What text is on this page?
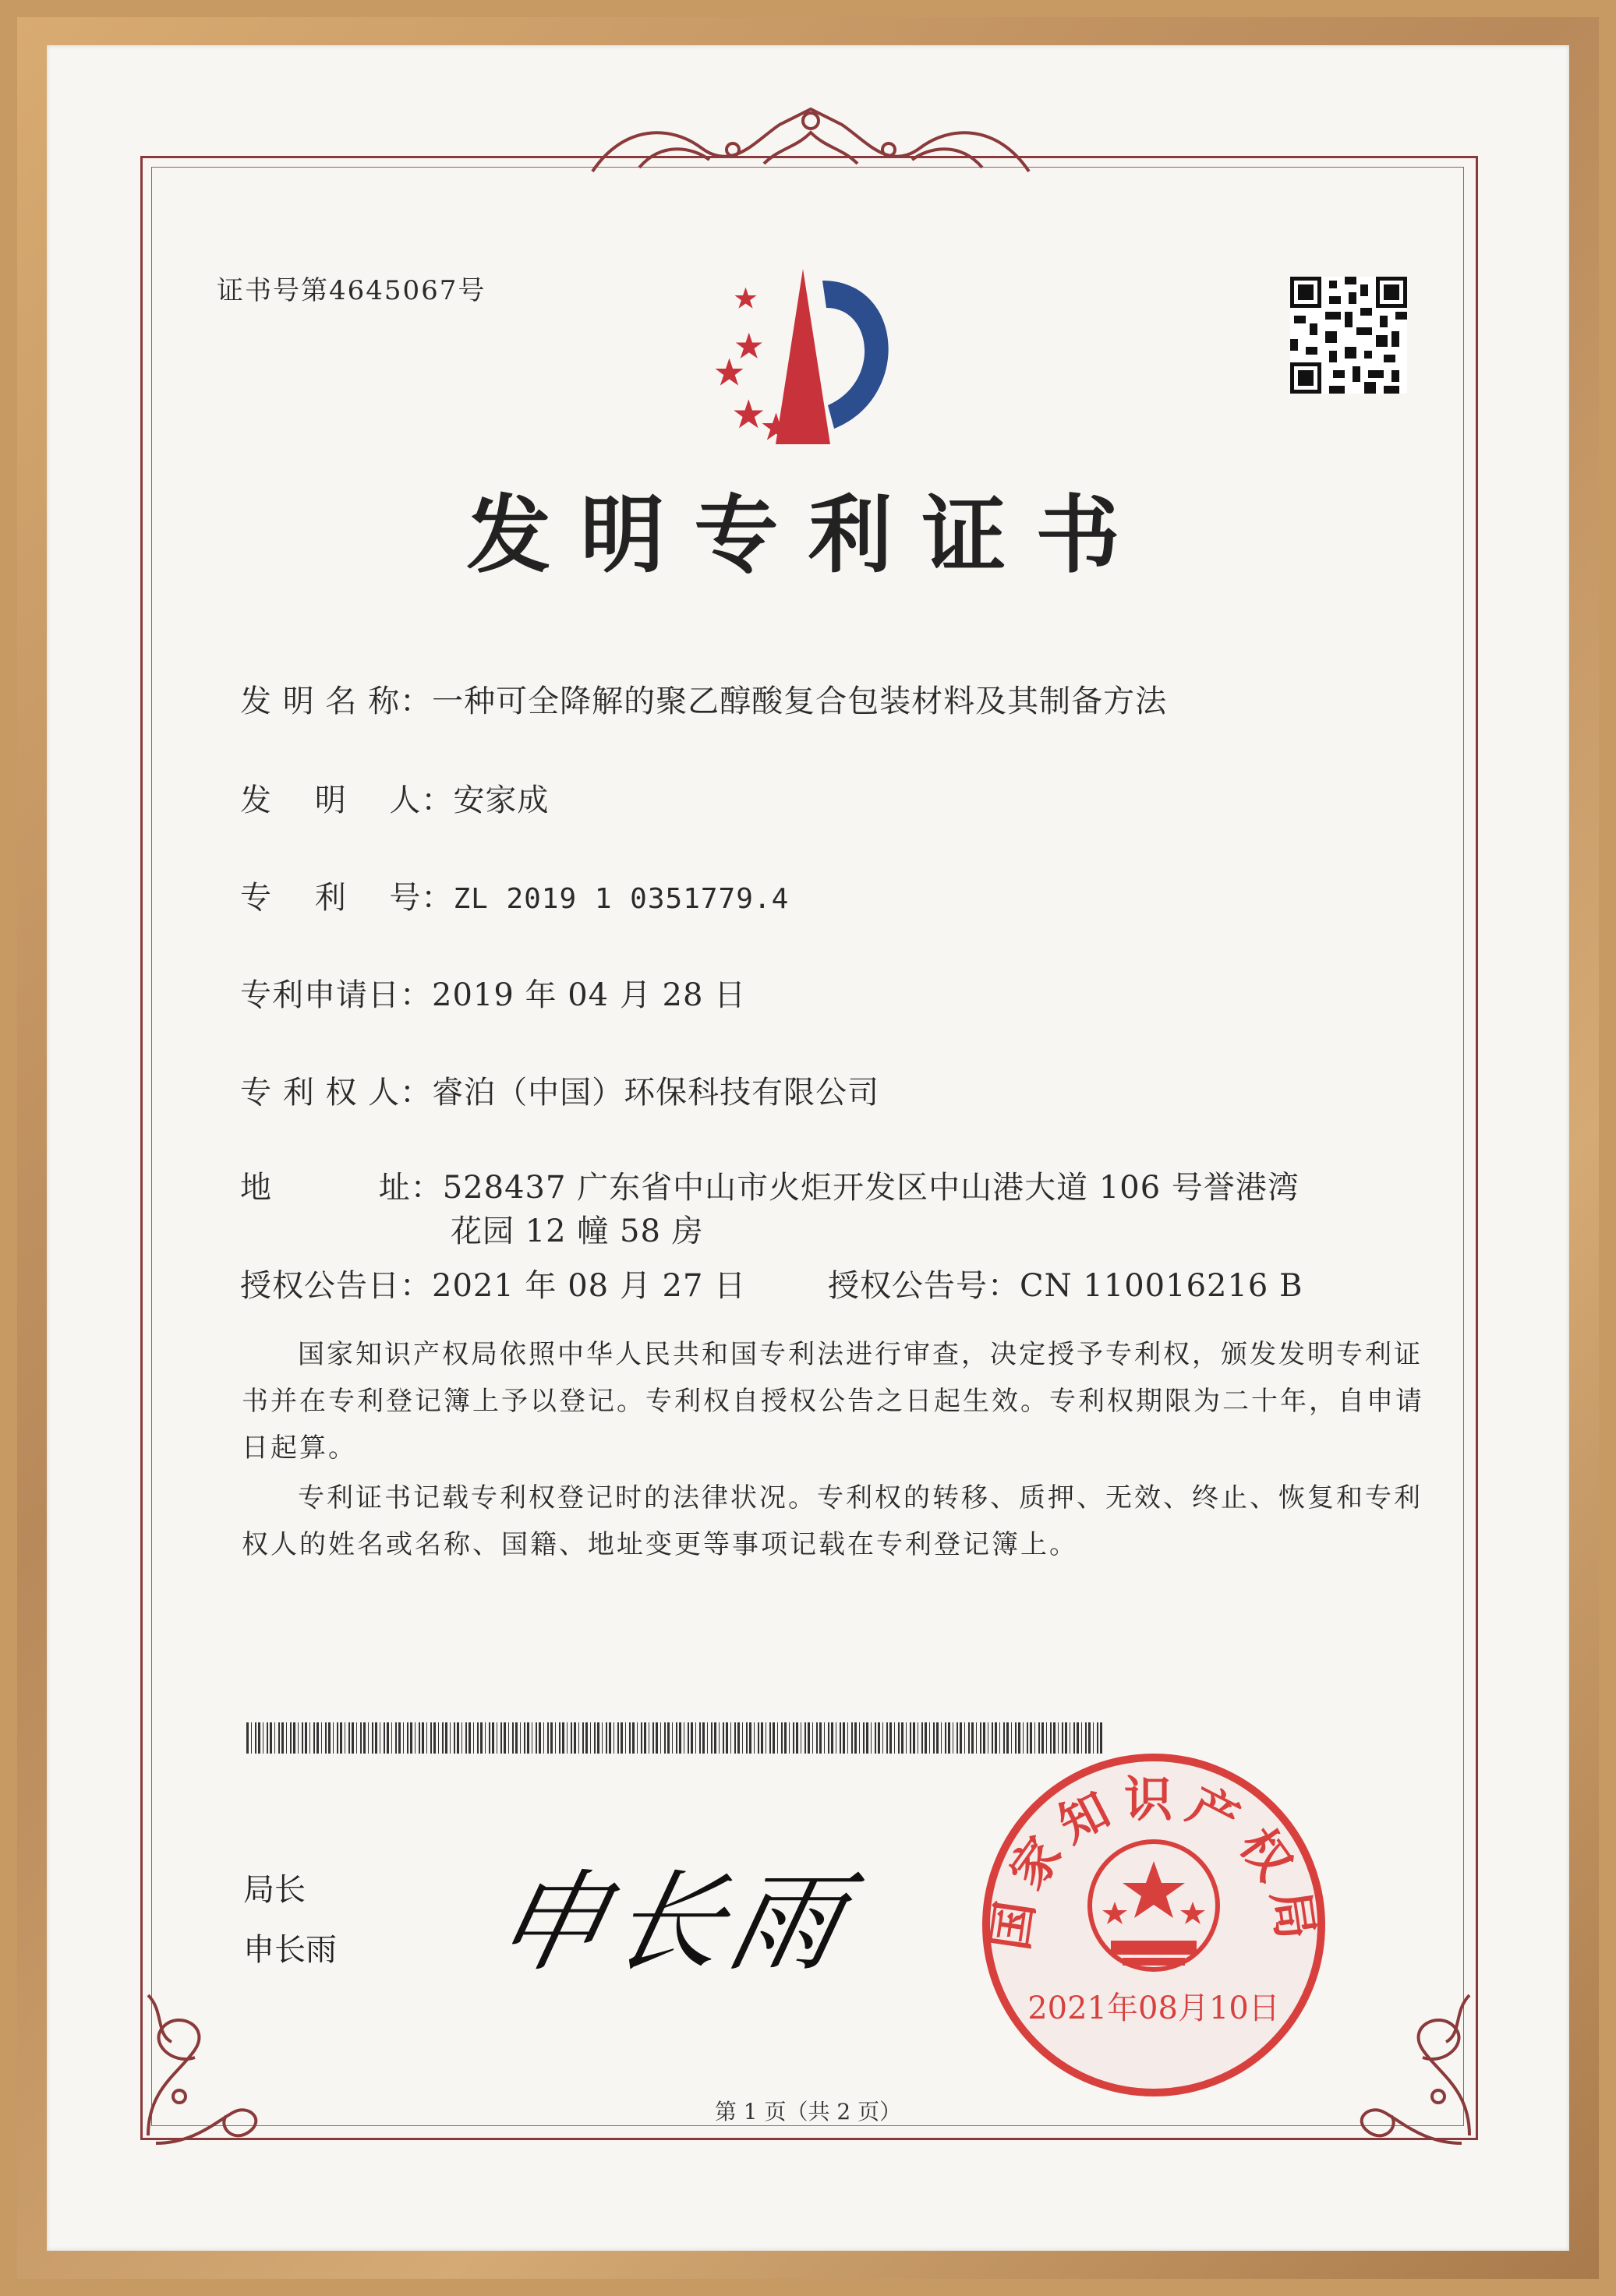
证书号第4645067号
发明专利证书
发 明 名 称：一种可全降解的聚乙醇酸复合包装材料及其制备方法
发　 明　 人：安家成
专　 利　 号：ZL 2019 1 0351779.4
专利申请日：2019 年 04 月 28 日
专 利 权 人：睿泊（中国）环保科技有限公司
地　　　 址：528437 广东省中山市火炬开发区中山港大道 106 号誉港湾
花园 12 幢 58 房
授权公告日：2021 年 08 月 27 日	授权公告号：CN 110016216 B

国家知识产权局依照中华人民共和国专利法进行审查，决定授予专利权，颁发发明专利证书并在专利登记簿上予以登记。专利权自授权公告之日起生效。专利权期限为二十年，自申请日起算。

专利证书记载专利权登记时的法律状况。专利权的转移、质押、无效、终止、恢复和专利权人的姓名或名称、国籍、地址变更等事项记载在专利登记簿上。

局长
申长雨 申长雨 国家知识产权局
2021年08月10日
第 1 页（共 2 页）
